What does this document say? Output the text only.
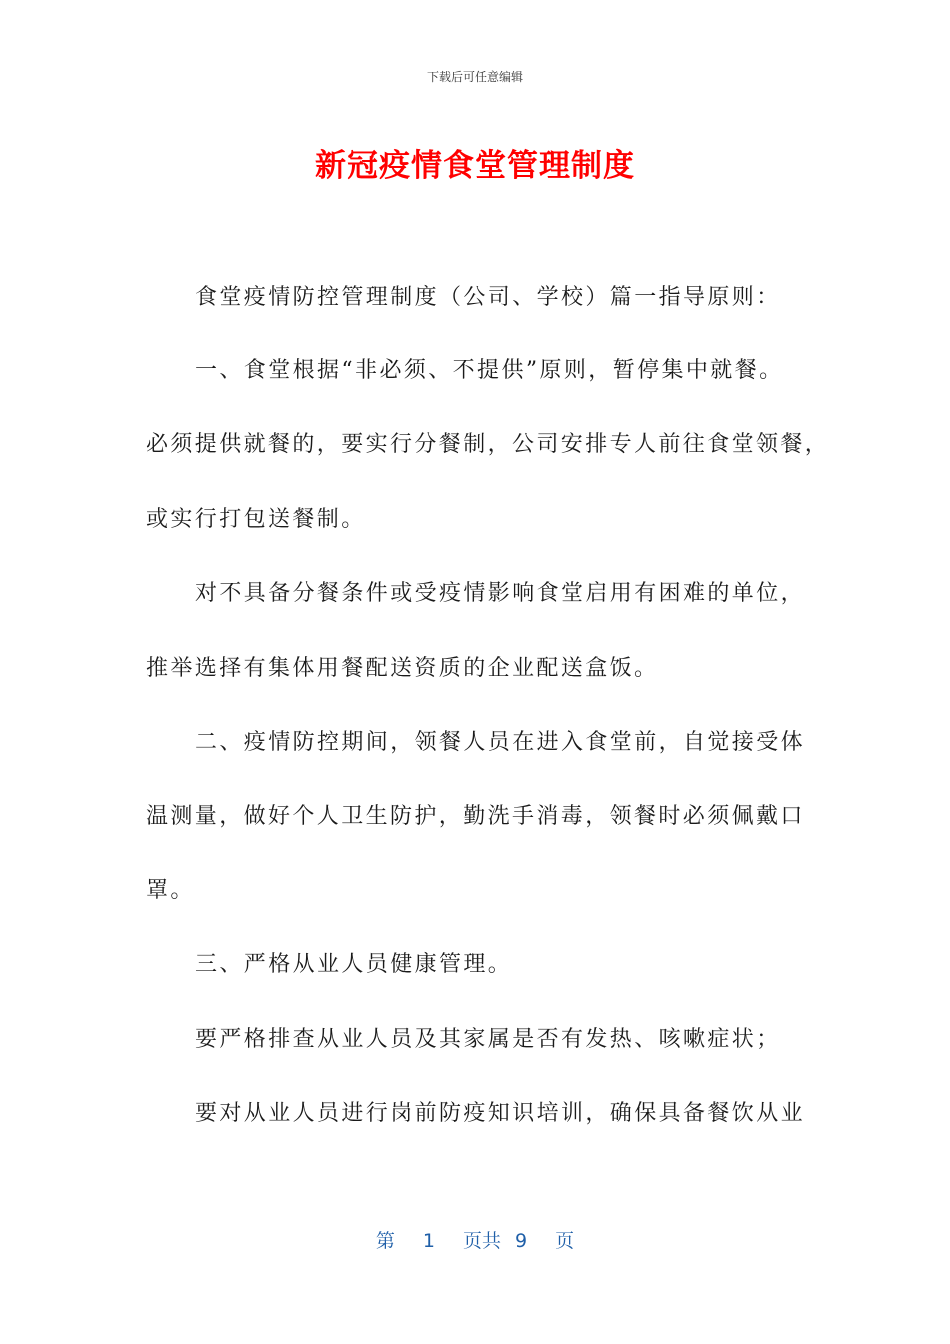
下载后可任意编辑
新冠疫情食堂管理制度
食堂疫情防控管理制度（公司、学校）篇一指导原则：
一、食堂根据“非必须、不提供”原则，暂停集中就餐。
必须提供就餐的，要实行分餐制，公司安排专人前往食堂领餐，
或实行打包送餐制。
对不具备分餐条件或受疫情影响食堂启用有困难的单位，
推举选择有集体用餐配送资质的企业配送盒饭。
二、疫情防控期间，领餐人员在进入食堂前，自觉接受体
温测量，做好个人卫生防护，勤洗手消毒，领餐时必须佩戴口
罩。
三、严格从业人员健康管理。
要严格排查从业人员及其家属是否有发热、咳嗽症状；
要对从业人员进行岗前防疫知识培训，确保具备餐饮从业
第 1 页共 9 页
